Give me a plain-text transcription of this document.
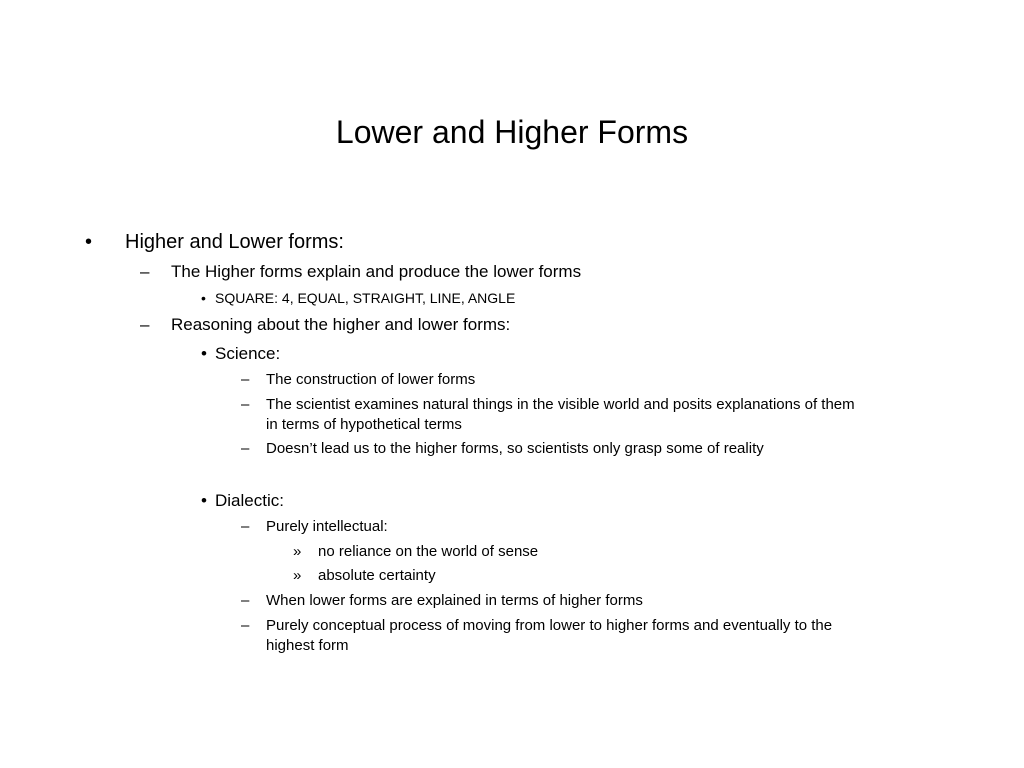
Lower and Higher Forms
• Higher and Lower forms:
– The Higher forms explain and produce the lower forms
• SQUARE: 4, EQUAL, STRAIGHT, LINE, ANGLE
– Reasoning about the higher and lower forms:
• Science:
– The construction of lower forms
– The scientist examines natural things in the visible world and posits explanations of them
in terms of hypothetical terms
– Doesn’t lead us to the higher forms, so scientists only grasp some of reality
• Dialectic:
– Purely intellectual:
» no reliance on the world of sense
» absolute certainty
– When lower forms are explained in terms of higher forms
– Purely conceptual process of moving from lower to higher forms and eventually to the
highest form
